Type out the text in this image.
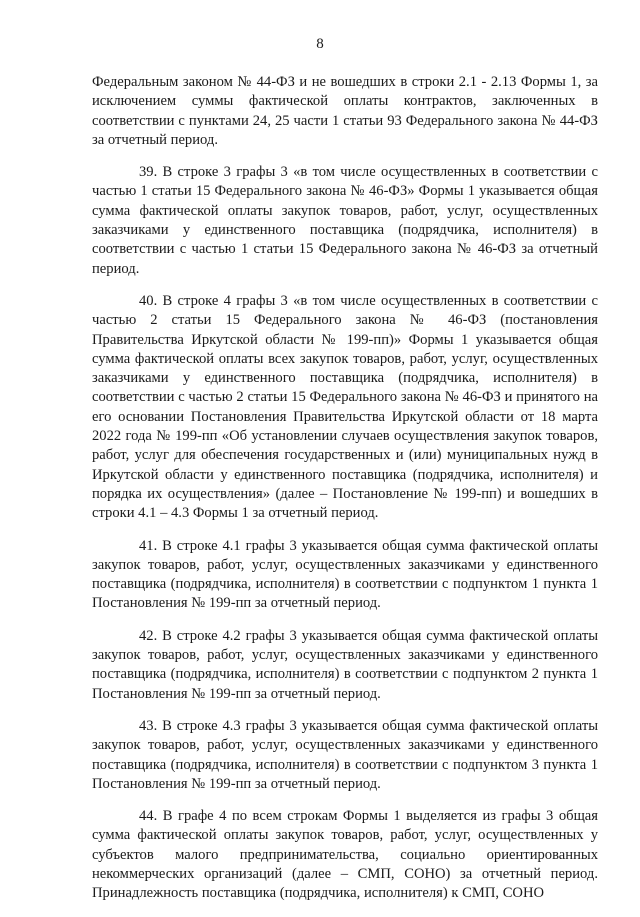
8

Федеральным законом № 44-ФЗ и не вошедших в строки 2.1 - 2.13 Формы 1, за исключением суммы фактической оплаты контрактов, заключенных в соответствии с пунктами 24, 25 части 1 статьи 93 Федерального закона № 44-ФЗ за отчетный период.

39. В строке 3 графы 3 «в том числе осуществленных в соответствии с частью 1 статьи 15 Федерального закона № 46-ФЗ» Формы 1 указывается общая сумма фактической оплаты закупок товаров, работ, услуг, осуществленных заказчиками у единственного поставщика (подрядчика, исполнителя) в соответствии с частью 1 статьи 15 Федерального закона № 46-ФЗ за отчетный период.

40. В строке 4 графы 3 «в том числе осуществленных в соответствии с частью 2 статьи 15 Федерального закона № 46-ФЗ (постановления Правительства Иркутской области № 199-пп)» Формы 1 указывается общая сумма фактической оплаты всех закупок товаров, работ, услуг, осуществленных заказчиками у единственного поставщика (подрядчика, исполнителя) в соответствии с частью 2 статьи 15 Федерального закона № 46-ФЗ и принятого на его основании Постановления Правительства Иркутской области от 18 марта 2022 года № 199-пп «Об установлении случаев осуществления закупок товаров, работ, услуг для обеспечения государственных и (или) муниципальных нужд в Иркутской области у единственного поставщика (подрядчика, исполнителя) и порядка их осуществления» (далее – Постановление № 199-пп) и вошедших в строки 4.1 – 4.3 Формы 1 за отчетный период.

41. В строке 4.1 графы 3 указывается общая сумма фактической оплаты закупок товаров, работ, услуг, осуществленных заказчиками у единственного поставщика (подрядчика, исполнителя) в соответствии с подпунктом 1 пункта 1 Постановления № 199-пп за отчетный период.

42. В строке 4.2 графы 3 указывается общая сумма фактической оплаты закупок товаров, работ, услуг, осуществленных заказчиками у единственного поставщика (подрядчика, исполнителя) в соответствии с подпунктом 2 пункта 1 Постановления № 199-пп за отчетный период.

43. В строке 4.3 графы 3 указывается общая сумма фактической оплаты закупок товаров, работ, услуг, осуществленных заказчиками у единственного поставщика (подрядчика, исполнителя) в соответствии с подпунктом 3 пункта 1 Постановления № 199-пп за отчетный период.

44. В графе 4 по всем строкам Формы 1 выделяется из графы 3 общая сумма фактической оплаты закупок товаров, работ, услуг, осуществленных у субъектов малого предпринимательства, социально ориентированных некоммерческих организаций (далее – СМП, СОНО) за отчетный период. Принадлежность поставщика (подрядчика, исполнителя) к СМП, СОНО
